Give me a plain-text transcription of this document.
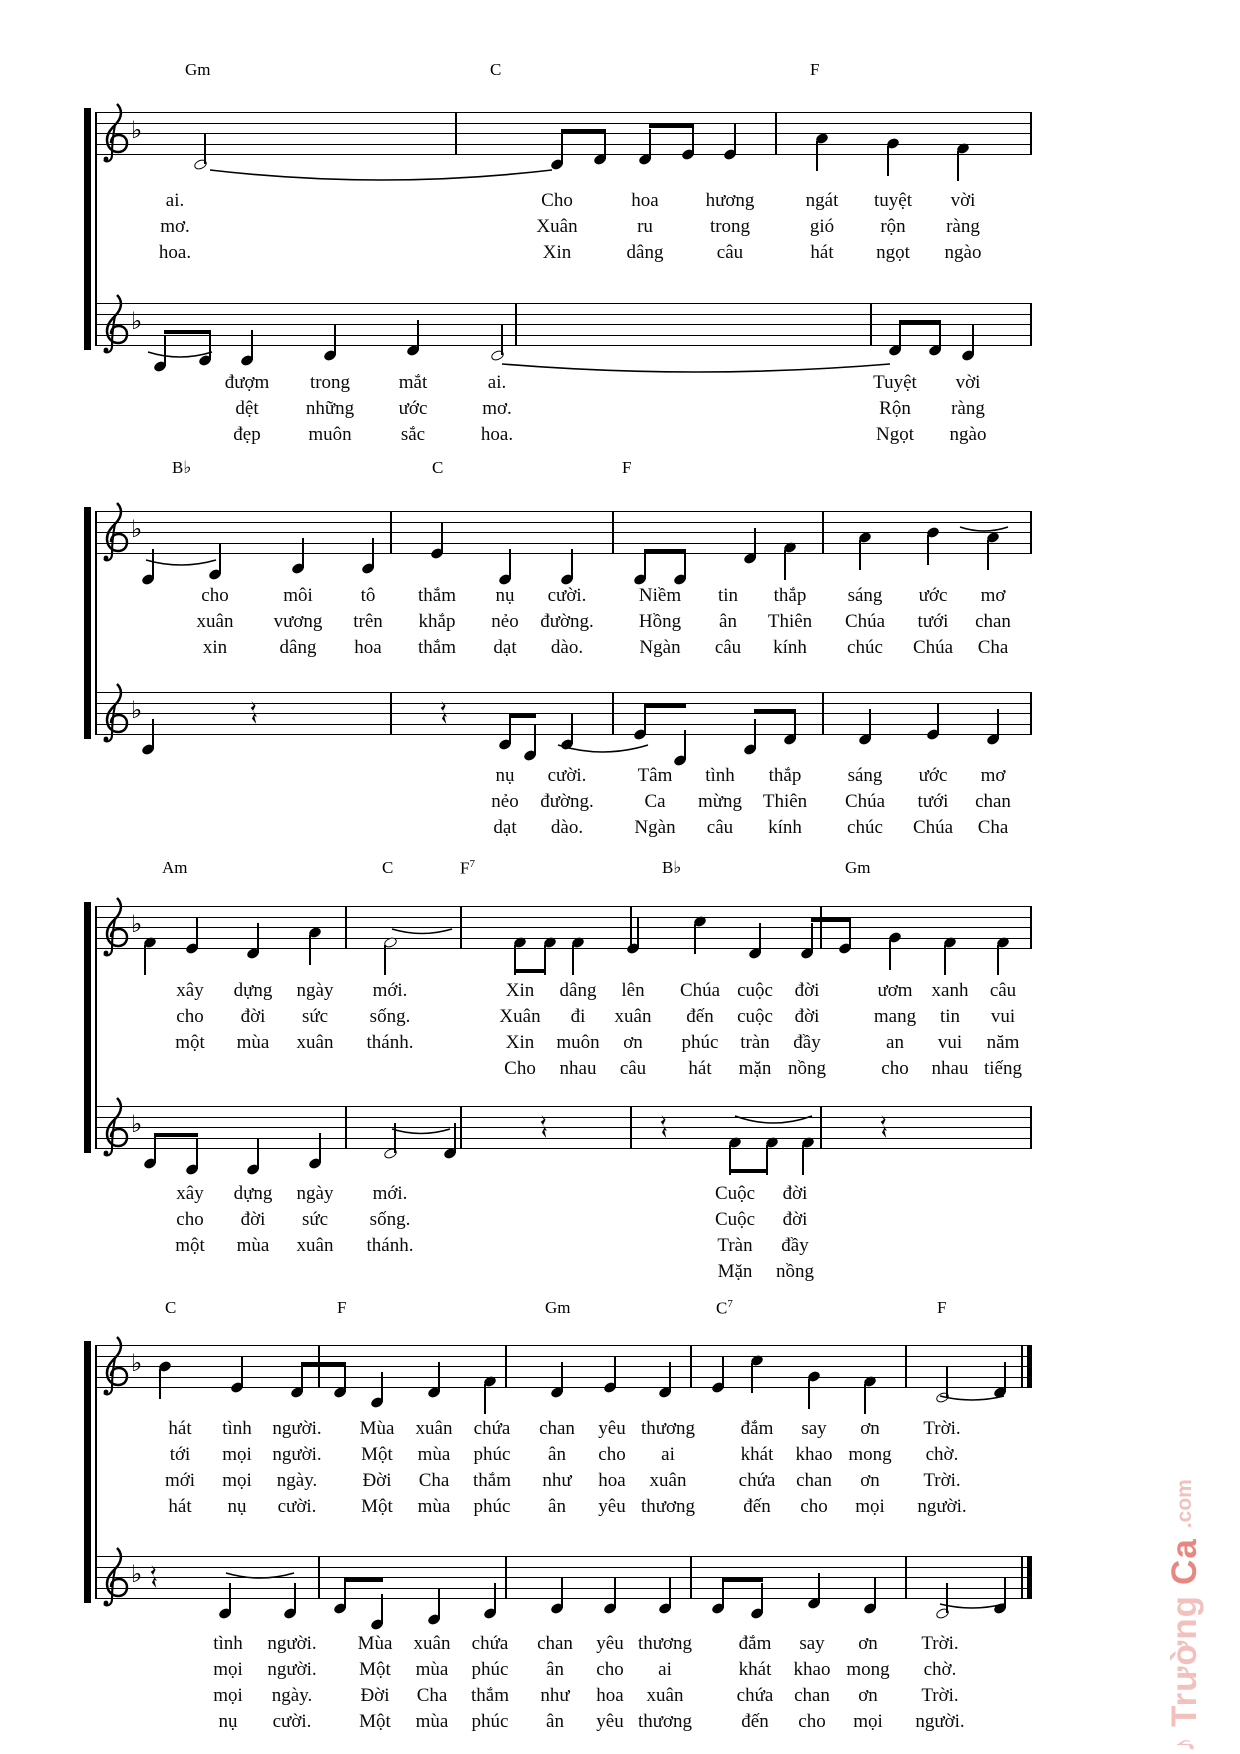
Gm	C	F
♭
ai.
mơ.
hoa.
Cho
Xuân
Xin
hoa
ru
dâng
hương
trong
câu
ngát
gió
hát
tuyệt
rộn
ngọt
vời
ràng
ngào
♭
đượm
dệt
đẹp
trong
những
muôn
mắt
ước
sắc
ai.
mơ.
hoa.
Tuyệt
Rộn
Ngọt
vời
ràng
ngào
B♭	C	F
♭
cho
xuân
xin
môi
vương
dâng
tô
trên
hoa
thắm
khắp
thắm
nụ
nẻo
dạt
cười.
đường.
dào.
Niềm
Hồng
Ngàn
tin
ân
câu
thắp
Thiên
kính
sáng
Chúa
chúc
ước
tưới
Chúa
mơ
chan
Cha
♭
nụ
nẻo
dạt
cười.
đường.
dào.
Tâm
Ca
Ngàn
tình
mừng
câu
thắp
Thiên
kính
sáng
Chúa
chúc
ước
tưới
Chúa
mơ
chan
Cha
Am	C	$F^7$	B♭	Gm
♭
xây
cho
một
dựng
đời
mùa
ngày
sức
xuân
mới.
sống.
thánh.
Xin
Xuân
Xin
Cho
dâng
đi
muôn
nhau
lên
xuân
ơn
câu
Chúa
đến
phúc
hát
cuộc
cuộc
tràn
mặn
đời
đời
đầy
nồng
ươm
mang
an
cho
xanh
tin
vui
nhau
câu
vui
năm
tiếng
♭
xây
cho
một
dựng
đời
mùa
ngày
sức
xuân
mới.
sống.
thánh.
Cuộc
Cuộc
Tràn
Mặn
đời
đời
đầy
nồng
C	F	Gm	$C^7$	F
♭
hát
tới
mới
hát
tình
mọi
mọi
nụ
người.
người.
ngày.
cười.
Mùa
Một
Đời
Một
xuân
mùa
Cha
mùa
chứa
phúc
thắm
phúc
chan
ân
như
ân
yêu
cho
hoa
yêu
thương
ai
xuân
thương
đắm
khát
chứa
đến
say
khao
chan
cho
ơn
mong
ơn
mọi
Trời.
chờ.
Trời.
người.
♭
tình
mọi
mọi
nụ
người.
người.
ngày.
cười.
Mùa
Một
Đời
Một
xuân
mùa
Cha
mùa
chứa
phúc
thắm
phúc
chan
ân
như
ân
yêu
cho
hoa
yêu
thương
ai
xuân
thương
đắm
khát
chứa
đến
say
khao
chan
cho
ơn
mong
ơn
mọi
Trời.
chờ.
Trời.
người.
♪
Trường
Ca
.com
